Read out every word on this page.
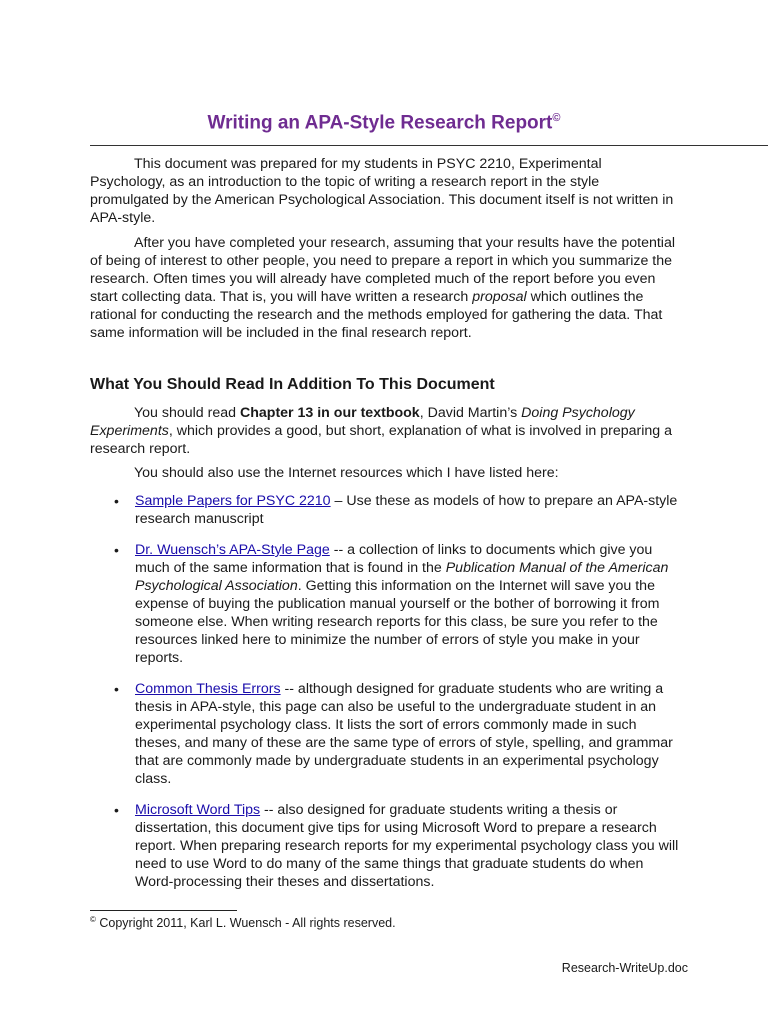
Writing an APA-Style Research Report©

This document was prepared for my students in PSYC 2210, Experimental Psychology, as an introduction to the topic of writing a research report in the style promulgated by the American Psychological Association. This document itself is not written in APA-style.

After you have completed your research, assuming that your results have the potential of being of interest to other people, you need to prepare a report in which you summarize the research. Often times you will already have completed much of the report before you even start collecting data. That is, you will have written a research proposal which outlines the rational for conducting the research and the methods employed for gathering the data. That same information will be included in the final research report.

What You Should Read In Addition To This Document

You should read Chapter 13 in our textbook, David Martin’s Doing Psychology Experiments, which provides a good, but short, explanation of what is involved in preparing a research report.

You should also use the Internet resources which I have listed here:

• Sample Papers for PSYC 2210 – Use these as models of how to prepare an APA-style research manuscript
• Dr. Wuensch’s APA-Style Page -- a collection of links to documents which give you much of the same information that is found in the Publication Manual of the American Psychological Association. Getting this information on the Internet will save you the expense of buying the publication manual yourself or the bother of borrowing it from someone else. When writing research reports for this class, be sure you refer to the resources linked here to minimize the number of errors of style you make in your reports.
• Common Thesis Errors -- although designed for graduate students who are writing a thesis in APA-style, this page can also be useful to the undergraduate student in an experimental psychology class. It lists the sort of errors commonly made in such theses, and many of these are the same type of errors of style, spelling, and grammar that are commonly made by undergraduate students in an experimental psychology class.
• Microsoft Word Tips -- also designed for graduate students writing a thesis or dissertation, this document give tips for using Microsoft Word to prepare a research report. When preparing research reports for my experimental psychology class you will need to use Word to do many of the same things that graduate students do when Word-processing their theses and dissertations.

© Copyright 2011, Karl L. Wuensch - All rights reserved.

Research-WriteUp.doc
